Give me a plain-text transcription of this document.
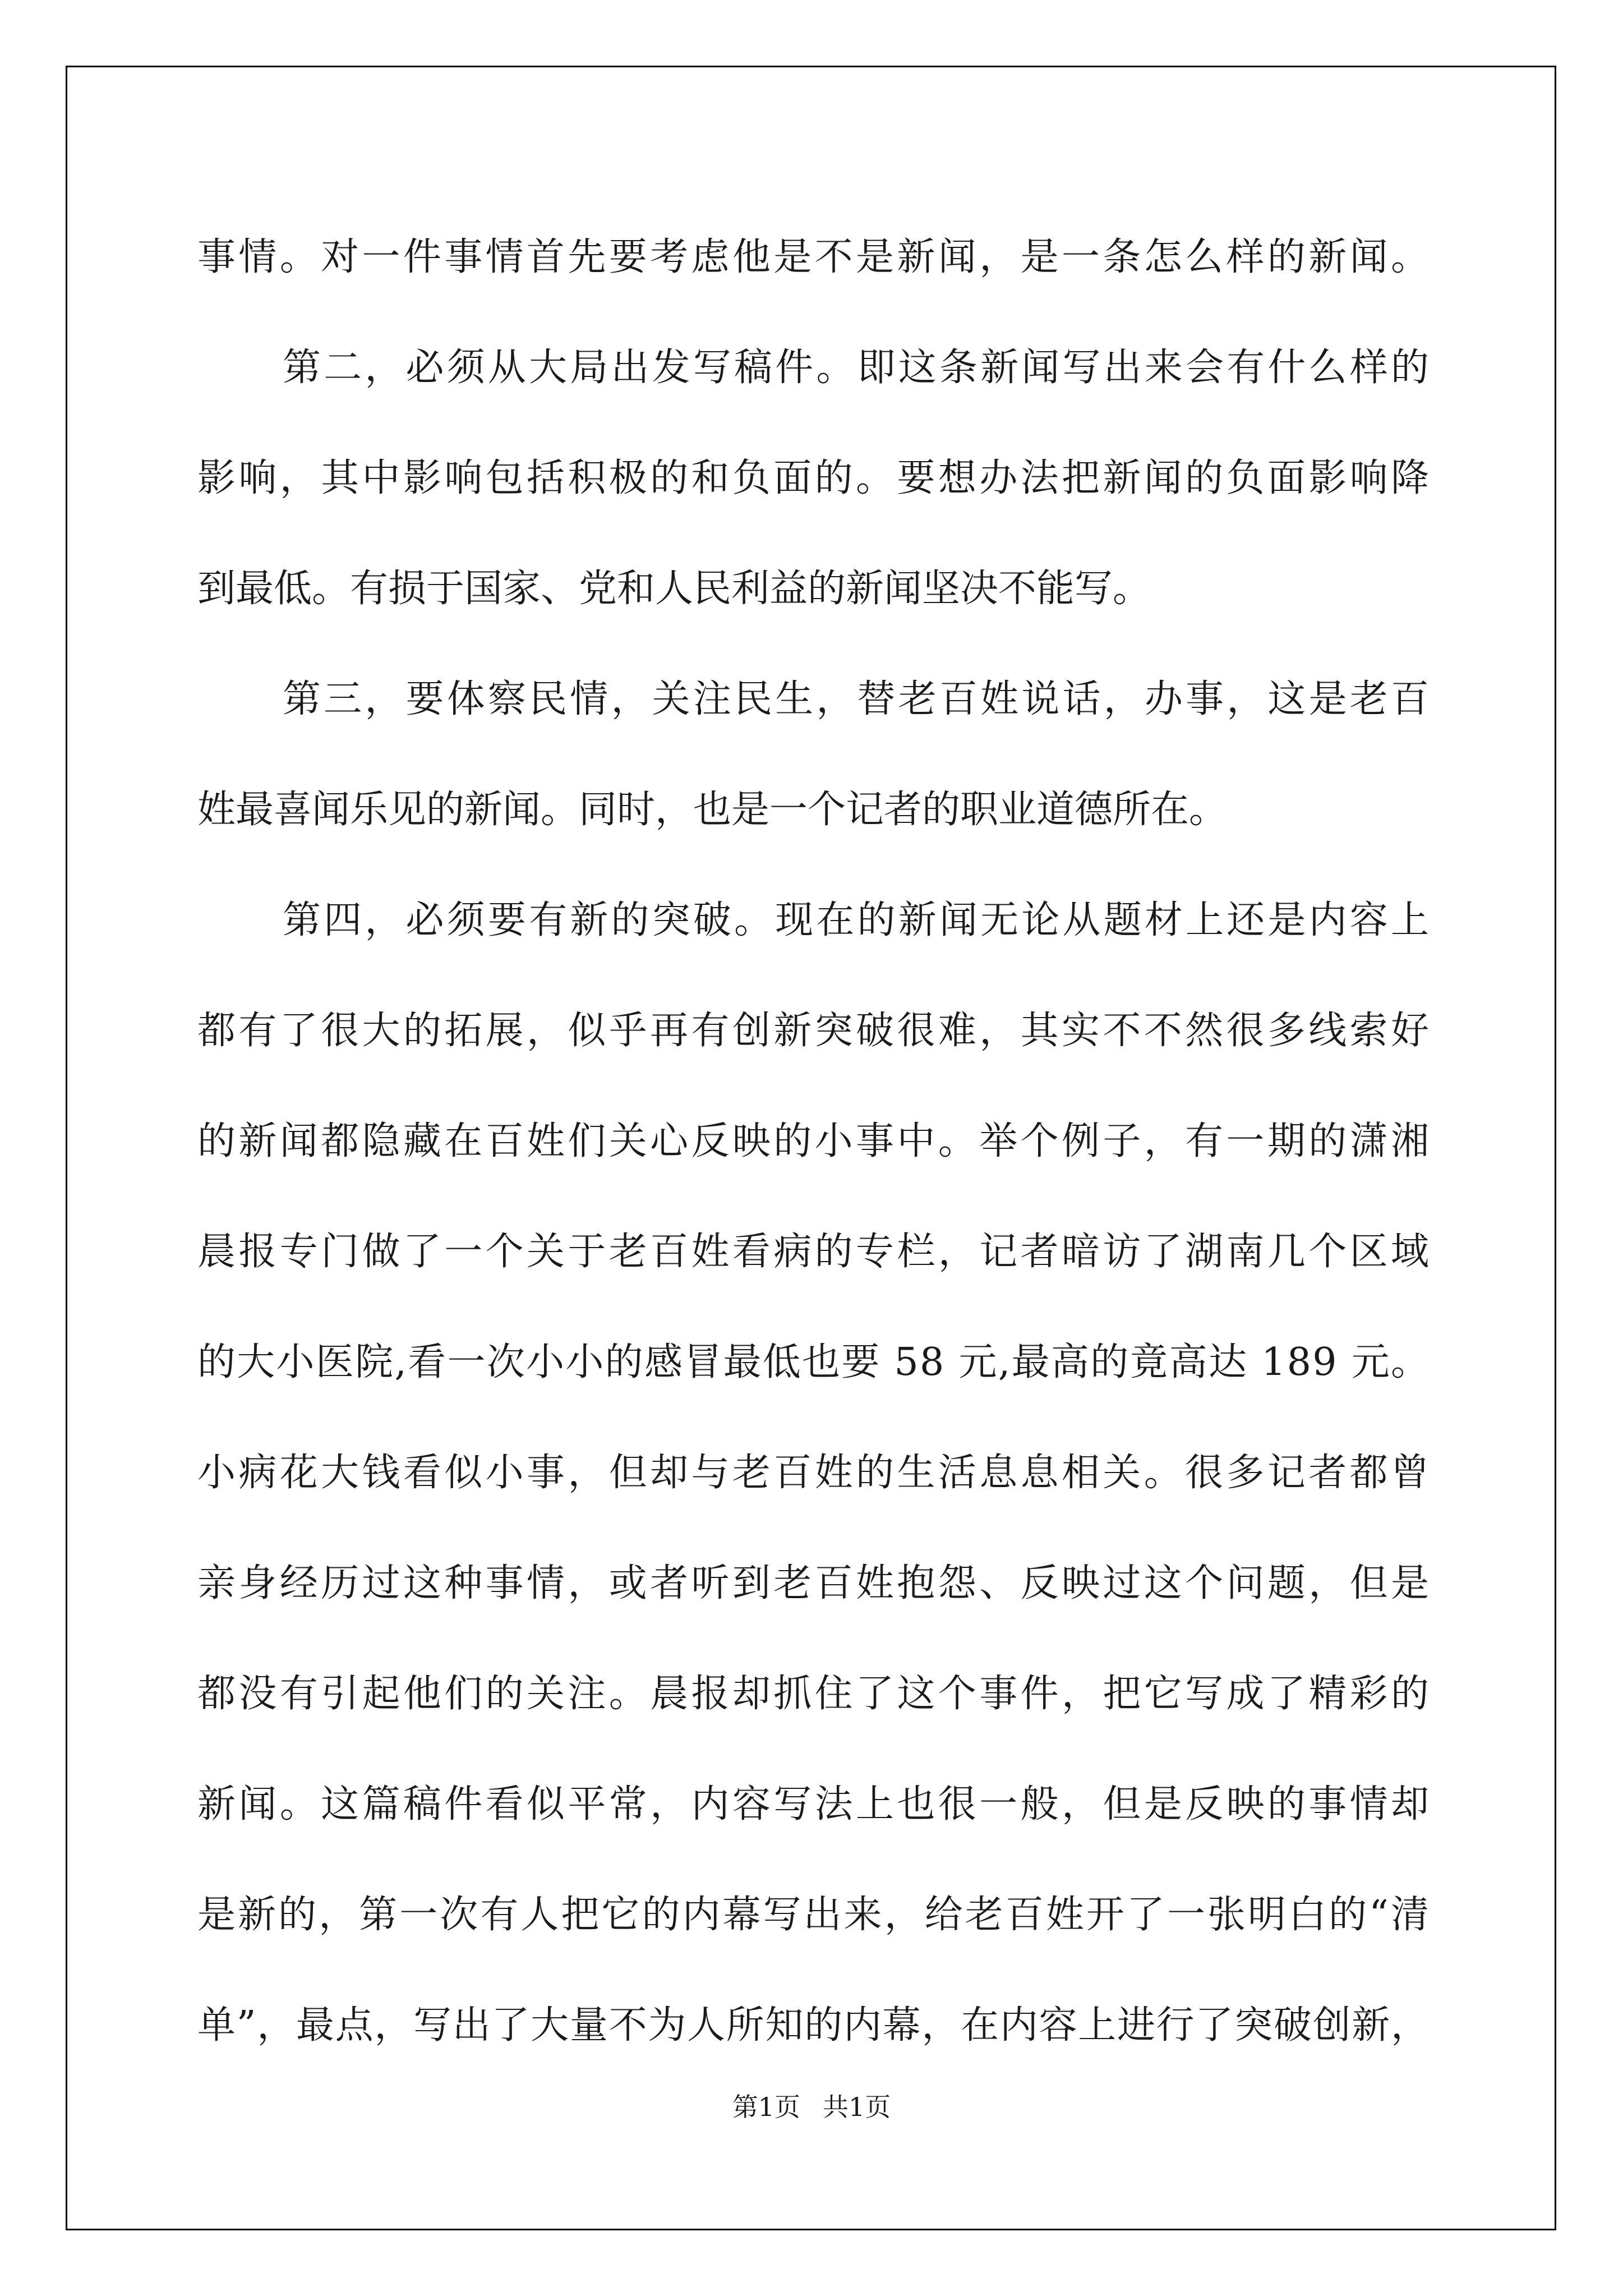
事情。对一件事情首先要考虑他是不是新闻，是一条怎么样的新闻。
第二，必须从大局出发写稿件。即这条新闻写出来会有什么样的
影响，其中影响包括积极的和负面的。要想办法把新闻的负面影响降
到最低。有损于国家、党和人民利益的新闻坚决不能写。
第三，要体察民情，关注民生，替老百姓说话，办事，这是老百
姓最喜闻乐见的新闻。同时，也是一个记者的职业道德所在。
第四，必须要有新的突破。现在的新闻无论从题材上还是内容上
都有了很大的拓展，似乎再有创新突破很难，其实不不然很多线索好
的新闻都隐藏在百姓们关心反映的小事中。举个例子，有一期的潇湘
晨报专门做了一个关于老百姓看病的专栏，记者暗访了湖南几个区域
的大小医院,看一次小小的感冒最低也要 58 元,最高的竟高达 189 元。
小病花大钱看似小事，但却与老百姓的生活息息相关。很多记者都曾
亲身经历过这种事情，或者听到老百姓抱怨、反映过这个问题，但是
都没有引起他们的关注。晨报却抓住了这个事件，把它写成了精彩的
新闻。这篇稿件看似平常，内容写法上也很一般，但是反映的事情却
是新的，第一次有人把它的内幕写出来，给老百姓开了一张明白的“清
单”，最点，写出了大量不为人所知的内幕，在内容上进行了突破创新，
第1页 共1页
